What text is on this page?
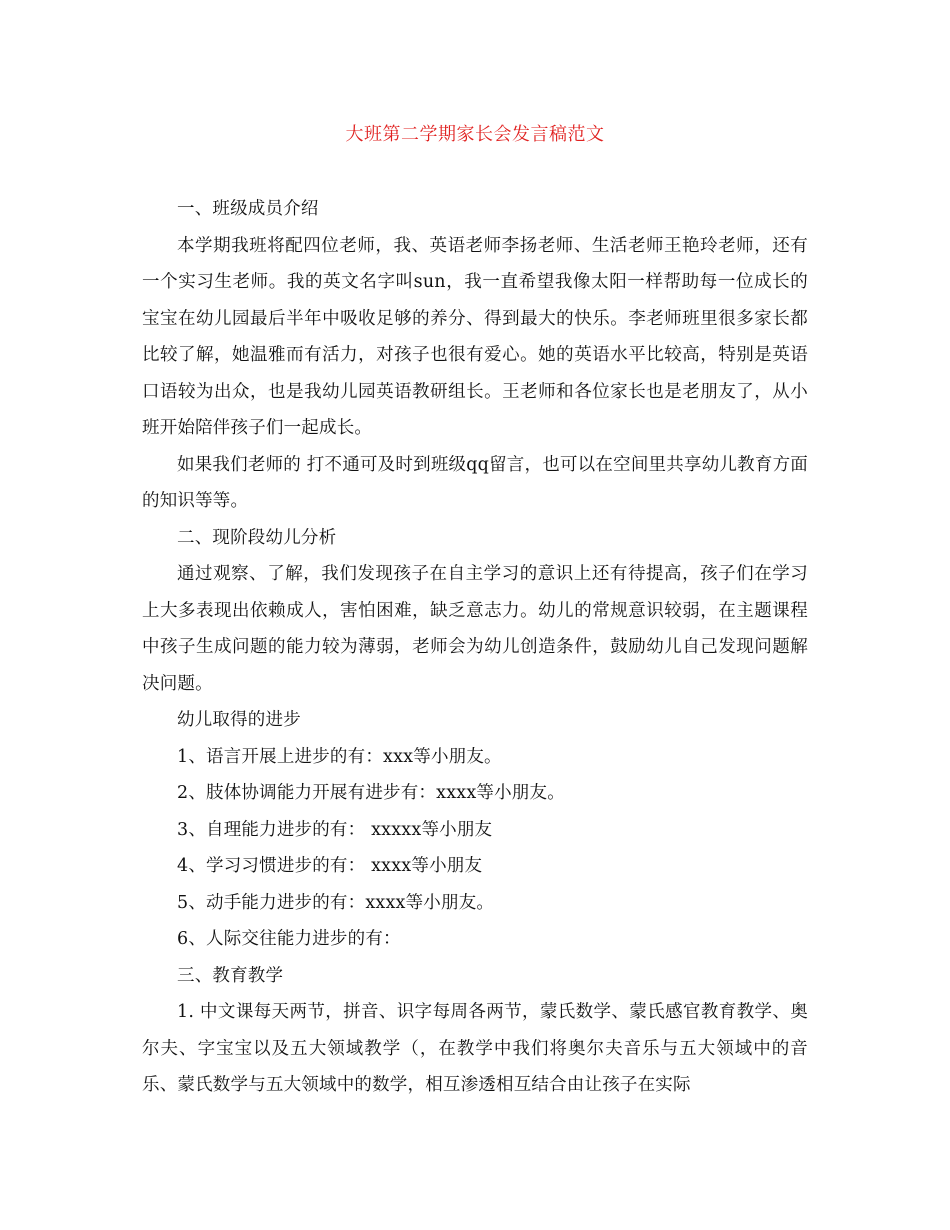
大班第二学期家长会发言稿范文

一、班级成员介绍

本学期我班将配四位老师，我、英语老师李扬老师、生活老师王艳玲老师，还有一个实习生老师。我的英文名字叫sun，我一直希望我像太阳一样帮助每一位成长的宝宝在幼儿园最后半年中吸收足够的养分、得到最大的快乐。李老师班里很多家长都比较了解，她温雅而有活力，对孩子也很有爱心。她的英语水平比较高，特别是英语口语较为出众，也是我幼儿园英语教研组长。王老师和各位家长也是老朋友了，从小班开始陪伴孩子们一起成长。

如果我们老师的 打不通可及时到班级qq留言，也可以在空间里共享幼儿教育方面的知识等等。

二、现阶段幼儿分析

通过观察、了解，我们发现孩子在自主学习的意识上还有待提高，孩子们在学习上大多表现出依赖成人，害怕困难，缺乏意志力。幼儿的常规意识较弱，在主题课程中孩子生成问题的能力较为薄弱，老师会为幼儿创造条件，鼓励幼儿自己发现问题解决问题。

幼儿取得的进步

1、语言开展上进步的有：xxx等小朋友。

2、肢体协调能力开展有进步有：xxxx等小朋友。

3、自理能力进步的有： xxxxx等小朋友

4、学习习惯进步的有： xxxx等小朋友

5、动手能力进步的有：xxxx等小朋友。

6、人际交往能力进步的有：

三、教育教学

1. 中文课每天两节，拼音、识字每周各两节，蒙氏数学、蒙氏感官教育教学、奥尔夫、字宝宝以及五大领域教学（，在教学中我们将奥尔夫音乐与五大领域中的音乐、蒙氏数学与五大领域中的数学，相互渗透相互结合由让孩子在实际
